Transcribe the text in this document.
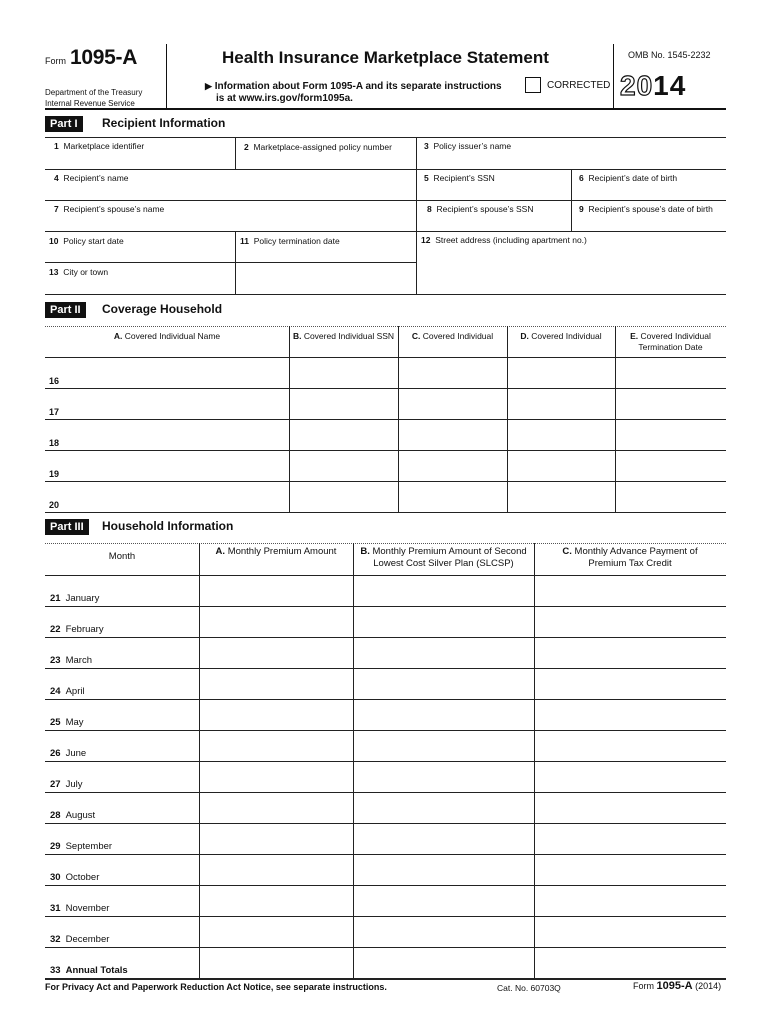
Form 1095-A
Department of the Treasury
Internal Revenue Service
Health Insurance Marketplace Statement
▶ Information about Form 1095-A and its separate instructions
is at www.irs.gov/form1095a.
CORRECTED
OMB No. 1545-2232
2014
Part I	Recipient Information
1 Marketplace identifier	2 Marketplace-assigned policy number	3 Policy issuer’s name
4 Recipient’s name	5 Recipient’s SSN	6 Recipient’s date of birth
7 Recipient’s spouse’s name	8 Recipient’s spouse’s SSN	9 Recipient’s spouse’s date of birth
10 Policy start date	11 Policy termination date	12 Street address (including apartment no.)
13 City or town
Part II	Coverage Household
A. Covered Individual Name	B. Covered Individual SSN	C. Covered Individual	D. Covered Individual	E. Covered Individual
Termination Date
16
17
18
19
20
Part III	Household Information
Month	A. Monthly Premium Amount	B. Monthly Premium Amount of Second
Lowest Cost Silver Plan (SLCSP)
C. Monthly Advance Payment of
Premium Tax Credit
21 January
22 February
23 March
24 April
25 May
26 June
27 July
28 August
29 September
30 October
31 November
32 December
33 Annual Totals
For Privacy Act and Paperwork Reduction Act Notice, see separate instructions.	Cat. No. 60703Q	Form 1095-A (2014)
